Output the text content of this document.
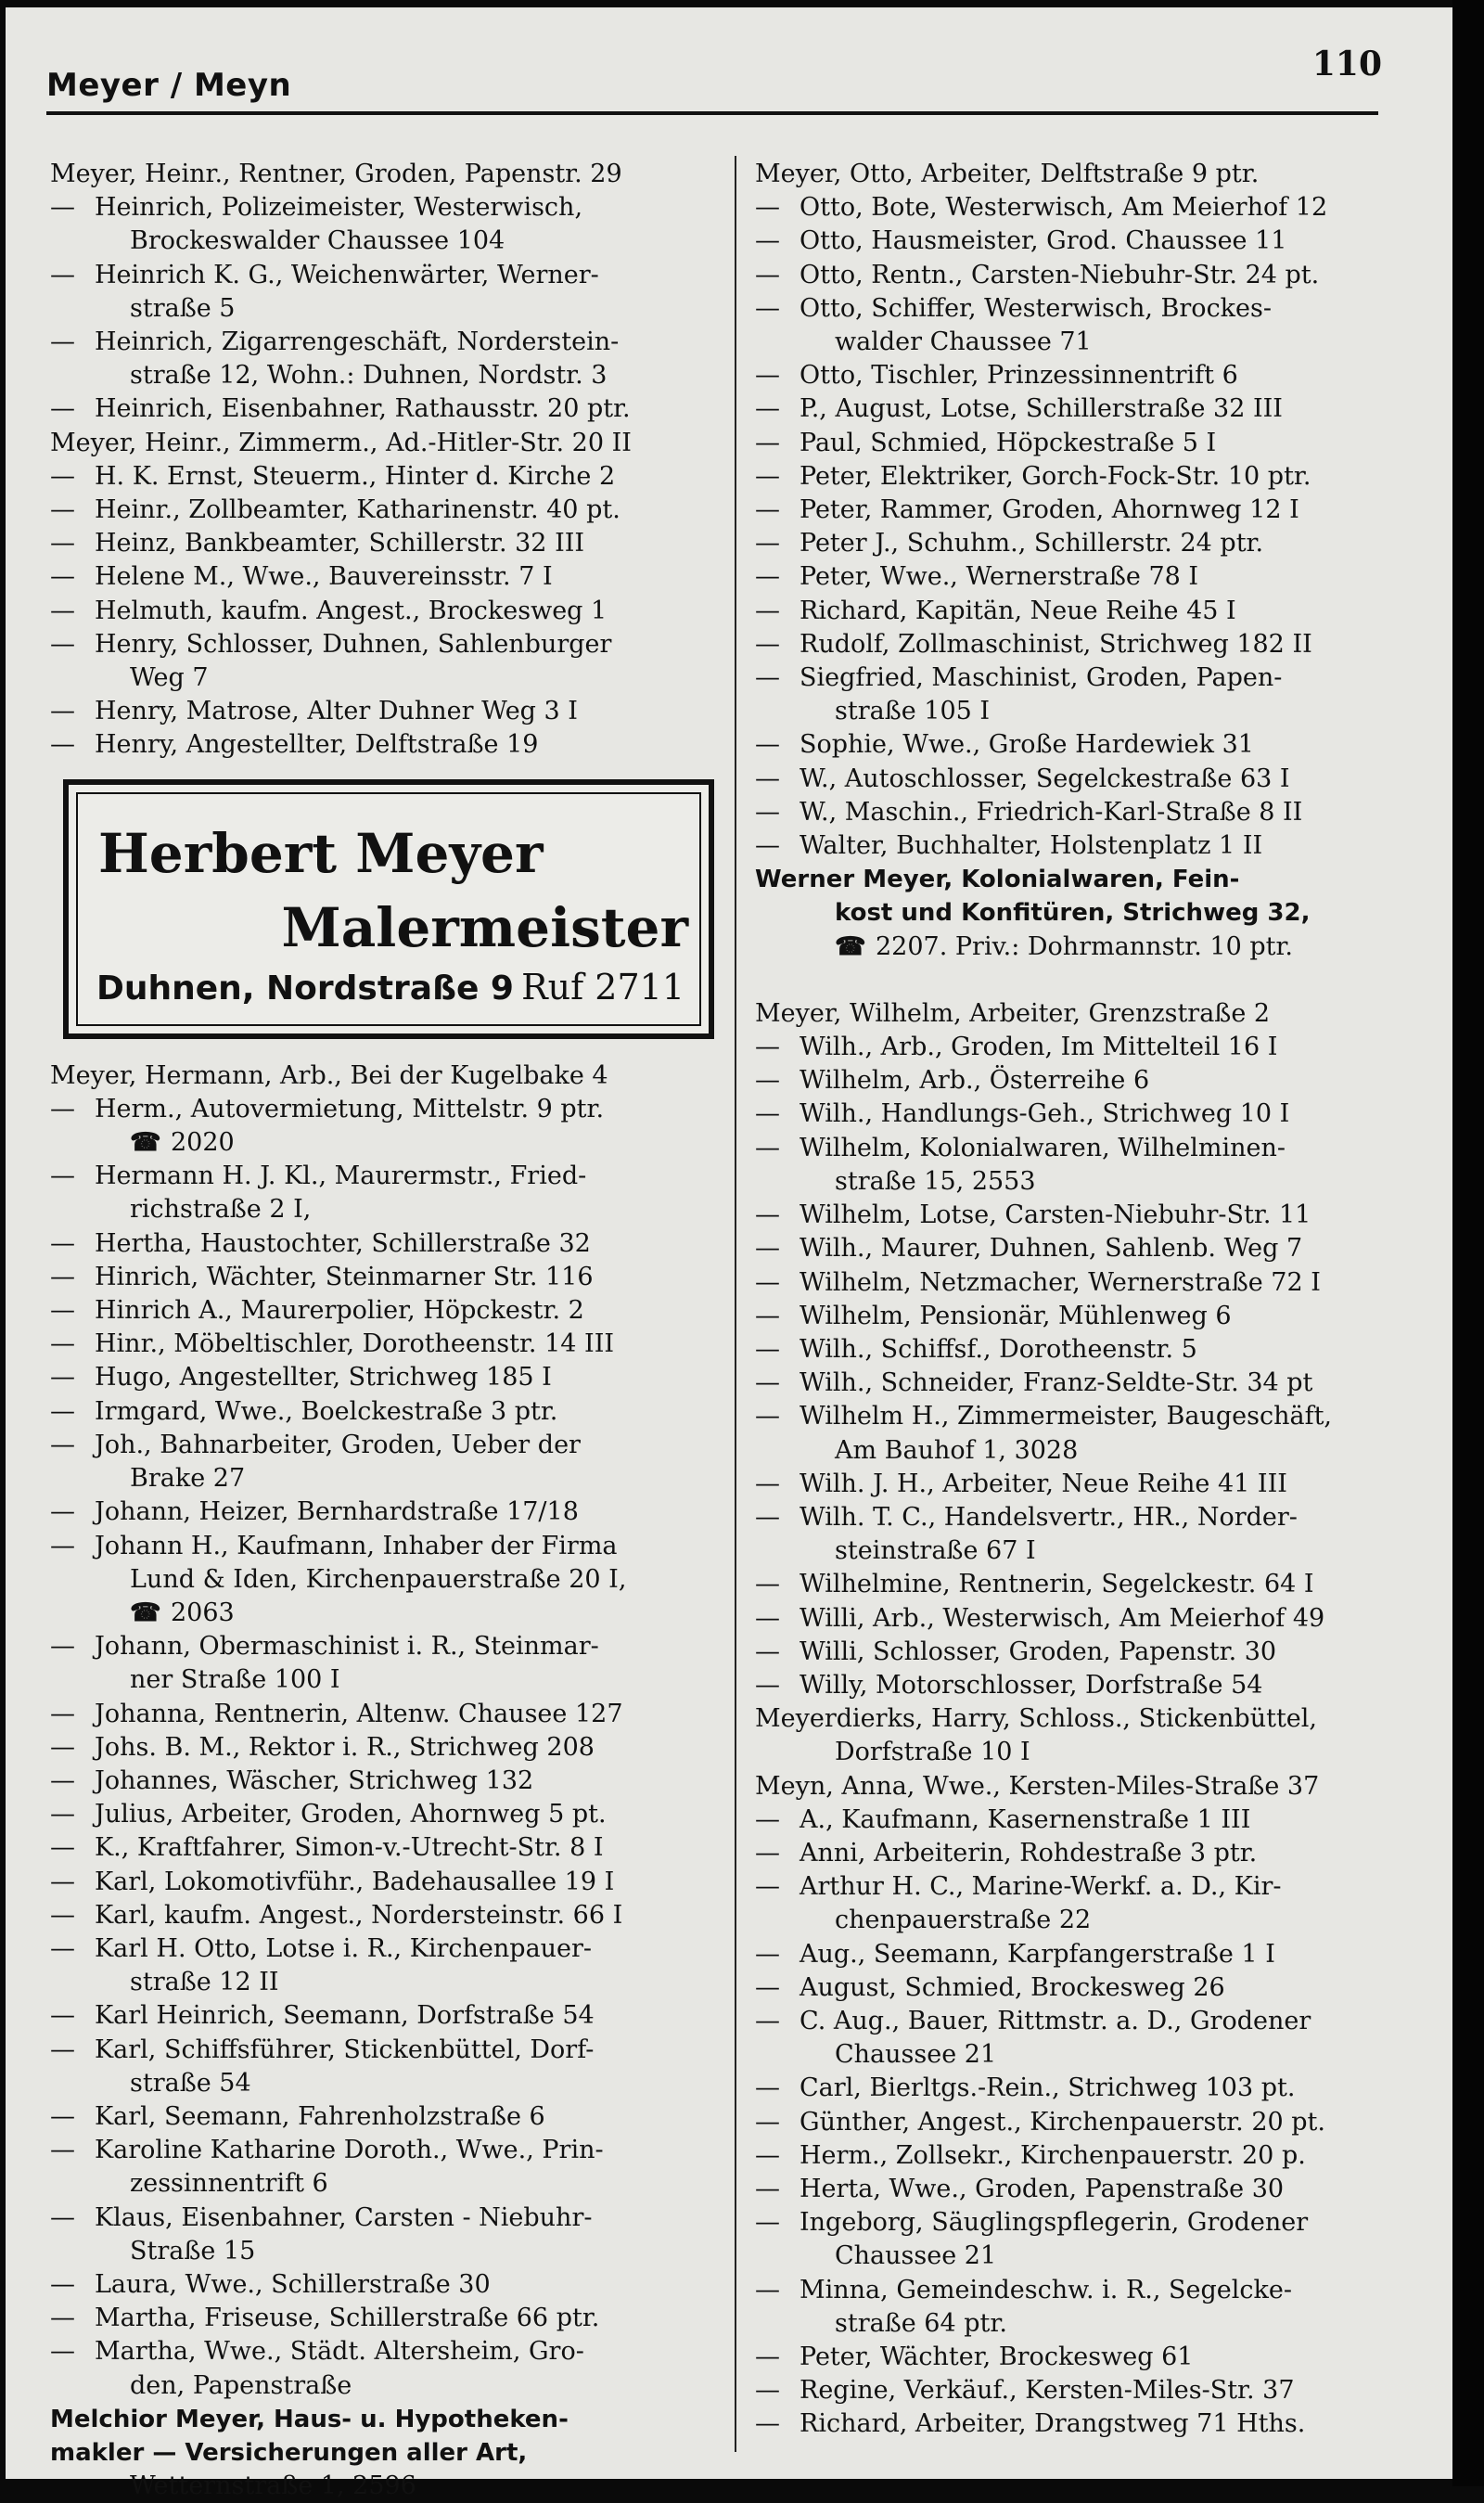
Meyer / Meyn
110
Meyer, Heinr., Rentner, Groden, Papenstr. 29
— Heinrich, Polizeimeister, Westerwisch,
Brockeswalder Chaussee 104
— Heinrich K. G., Weichenwärter, Werner-
straße 5
— Heinrich, Zigarrengeschäft, Norderstein-
straße 12, Wohn.: Duhnen, Nordstr. 3
— Heinrich, Eisenbahner, Rathausstr. 20 ptr.
Meyer, Heinr., Zimmerm., Ad.-Hitler-Str. 20 II
— H. K. Ernst, Steuerm., Hinter d. Kirche 2
— Heinr., Zollbeamter, Katharinenstr. 40 pt.
— Heinz, Bankbeamter, Schillerstr. 32 III
— Helene M., Wwe., Bauvereinsstr. 7 I
— Helmuth, kaufm. Angest., Brockesweg 1
— Henry, Schlosser, Duhnen, Sahlenburger
Weg 7
— Henry, Matrose, Alter Duhner Weg 3 I
— Henry, Angestellter, Delftstraße 19
Herbert Meyer
Malermeister
Duhnen, Nordstraße 9 Ruf 2711
Meyer, Hermann, Arb., Bei der Kugelbake 4
— Herm., Autovermietung, Mittelstr. 9 ptr.
☎ 2020
— Hermann H. J. Kl., Maurermstr., Fried-
richstraße 2 I,
— Hertha, Haustochter, Schillerstraße 32
— Hinrich, Wächter, Steinmarner Str. 116
— Hinrich A., Maurerpolier, Höpckestr. 2
— Hinr., Möbeltischler, Dorotheenstr. 14 III
— Hugo, Angestellter, Strichweg 185 I
— Irmgard, Wwe., Boelckestraße 3 ptr.
— Joh., Bahnarbeiter, Groden, Ueber der
Brake 27
— Johann, Heizer, Bernhardstraße 17/18
— Johann H., Kaufmann, Inhaber der Firma
Lund & Iden, Kirchenpauerstraße 20 I,
☎ 2063
— Johann, Obermaschinist i. R., Steinmar-
ner Straße 100 I
— Johanna, Rentnerin, Altenw. Chausee 127
— Johs. B. M., Rektor i. R., Strichweg 208
— Johannes, Wäscher, Strichweg 132
— Julius, Arbeiter, Groden, Ahornweg 5 pt.
— K., Kraftfahrer, Simon-v.-Utrecht-Str. 8 I
— Karl, Lokomotivführ., Badehausallee 19 I
— Karl, kaufm. Angest., Nordersteinstr. 66 I
— Karl H. Otto, Lotse i. R., Kirchenpauer-
straße 12 II
— Karl Heinrich, Seemann, Dorfstraße 54
— Karl, Schiffsführer, Stickenbüttel, Dorf-
straße 54
— Karl, Seemann, Fahrenholzstraße 6
— Karoline Katharine Doroth., Wwe., Prin-
zessinnentrift 6
— Klaus, Eisenbahner, Carsten - Niebuhr-
Straße 15
— Laura, Wwe., Schillerstraße 30
— Martha, Friseuse, Schillerstraße 66 ptr.
— Martha, Wwe., Städt. Altersheim, Gro-
den, Papenstraße
Melchior Meyer, Haus- u. Hypotheken-
makler — Versicherungen aller Art,
Wetternstraße 1, 2596
Meyer, Otto, Arbeiter, Delftstraße 9 ptr.
— Otto, Bote, Westerwisch, Am Meierhof 12
— Otto, Hausmeister, Grod. Chaussee 11
— Otto, Rentn., Carsten-Niebuhr-Str. 24 pt.
— Otto, Schiffer, Westerwisch, Brockes-
walder Chaussee 71
— Otto, Tischler, Prinzessinnentrift 6
— P., August, Lotse, Schillerstraße 32 III
— Paul, Schmied, Höpckestraße 5 I
— Peter, Elektriker, Gorch-Fock-Str. 10 ptr.
— Peter, Rammer, Groden, Ahornweg 12 I
— Peter J., Schuhm., Schillerstr. 24 ptr.
— Peter, Wwe., Wernerstraße 78 I
— Richard, Kapitän, Neue Reihe 45 I
— Rudolf, Zollmaschinist, Strichweg 182 II
— Siegfried, Maschinist, Groden, Papen-
straße 105 I
— Sophie, Wwe., Große Hardewiek 31
— W., Autoschlosser, Segelckestraße 63 I
— W., Maschin., Friedrich-Karl-Straße 8 II
— Walter, Buchhalter, Holstenplatz 1 II
Werner Meyer, Kolonialwaren, Fein-
kost und Konfitüren, Strichweg 32,
☎ 2207. Priv.: Dohrmannstr. 10 ptr.
Meyer, Wilhelm, Arbeiter, Grenzstraße 2
— Wilh., Arb., Groden, Im Mittelteil 16 I
— Wilhelm, Arb., Österreihe 6
— Wilh., Handlungs-Geh., Strichweg 10 I
— Wilhelm, Kolonialwaren, Wilhelminen-
straße 15, 2553
— Wilhelm, Lotse, Carsten-Niebuhr-Str. 11
— Wilh., Maurer, Duhnen, Sahlenb. Weg 7
— Wilhelm, Netzmacher, Wernerstraße 72 I
— Wilhelm, Pensionär, Mühlenweg 6
— Wilh., Schiffsf., Dorotheenstr. 5
— Wilh., Schneider, Franz-Seldte-Str. 34 pt
— Wilhelm H., Zimmermeister, Baugeschäft,
Am Bauhof 1, 3028
— Wilh. J. H., Arbeiter, Neue Reihe 41 III
— Wilh. T. C., Handelsvertr., HR., Norder-
steinstraße 67 I
— Wilhelmine, Rentnerin, Segelckestr. 64 I
— Willi, Arb., Westerwisch, Am Meierhof 49
— Willi, Schlosser, Groden, Papenstr. 30
— Willy, Motorschlosser, Dorfstraße 54
Meyerdierks, Harry, Schloss., Stickenbüttel,
Dorfstraße 10 I
Meyn, Anna, Wwe., Kersten-Miles-Straße 37
— A., Kaufmann, Kasernenstraße 1 III
— Anni, Arbeiterin, Rohdestraße 3 ptr.
— Arthur H. C., Marine-Werkf. a. D., Kir-
chenpauerstraße 22
— Aug., Seemann, Karpfangerstraße 1 I
— August, Schmied, Brockesweg 26
— C. Aug., Bauer, Rittmstr. a. D., Grodener
Chaussee 21
— Carl, Bierltgs.-Rein., Strichweg 103 pt.
— Günther, Angest., Kirchenpauerstr. 20 pt.
— Herm., Zollsekr., Kirchenpauerstr. 20 p.
— Herta, Wwe., Groden, Papenstraße 30
— Ingeborg, Säuglingspflegerin, Grodener
Chaussee 21
— Minna, Gemeindeschw. i. R., Segelcke-
straße 64 ptr.
— Peter, Wächter, Brockesweg 61
— Regine, Verkäuf., Kersten-Miles-Str. 37
— Richard, Arbeiter, Drangstweg 71 Hths.
